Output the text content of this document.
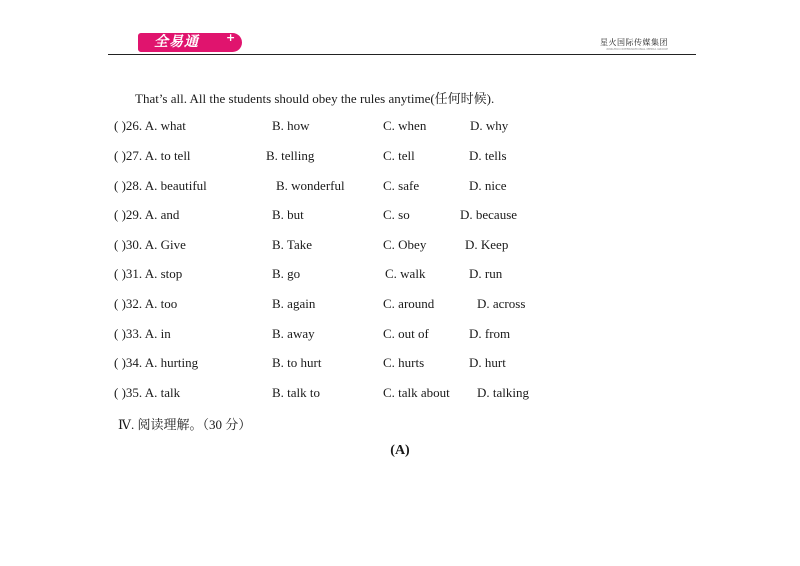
全易通 +	星火国际传媒集团
XINGHUO INTERNATIONAL MEDIA GROUP
That’s all. All the students should obey the rules anytime(任何时候).
( )26. A. what	B. how	C. when	D. why
( )27. A. to tell	B. telling	C. tell	D. tells
( )28. A. beautiful	B. wonderful	C. safe	D. nice
( )29. A. and	B. but	C. so	D. because
( )30. A. Give	B. Take	C. Obey	D. Keep
( )31. A. stop	B. go	C. walk	D. run
( )32. A. too	B. again	C. around	D. across
( )33. A. in	B. away	C. out of	D. from
( )34. A. hurting	B. to hurt	C. hurts	D. hurt
( )35. A. talk	B. talk to	C. talk about D. talking
Ⅳ. 阅读理解。（30 分）
(A)
